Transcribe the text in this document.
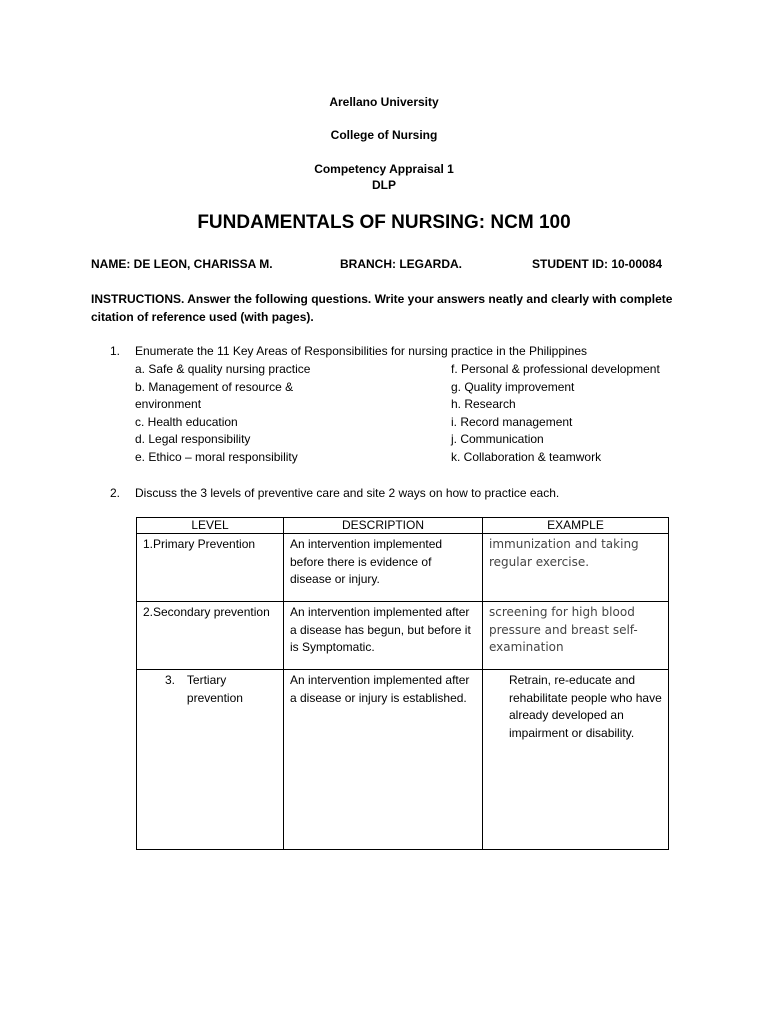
Arellano University
College of Nursing
Competency Appraisal 1
DLP
FUNDAMENTALS OF NURSING: NCM 100
NAME: DE LEON, CHARISSA M.	BRANCH: LEGARDA.	STUDENT ID: 10-00084
INSTRUCTIONS. Answer the following questions. Write your answers neatly and clearly with complete citation of reference used (with pages).
1. Enumerate the 11 Key Areas of Responsibilities for nursing practice in the Philippines
a. Safe & quality nursing practice
b. Management of resource &
environment
c. Health education
d. Legal responsibility
e. Ethico – moral responsibility
f. Personal & professional development
g. Quality improvement
h. Research
i. Record management
j. Communication
k. Collaboration & teamwork
2. Discuss the 3 levels of preventive care and site 2 ways on how to practice each.
LEVEL	DESCRIPTION	EXAMPLE
1.Primary Prevention	An intervention implemented before there is evidence of disease or injury.	immunization and taking regular exercise.
2.Secondary prevention	An intervention implemented after a disease has begun, but before it is Symptomatic.	screening for high blood pressure and breast self-examination

3. Tertiary prevention	An intervention implemented after a disease or injury is established.	Retrain, re-educate and rehabilitate people who have already developed an impairment or disability.
